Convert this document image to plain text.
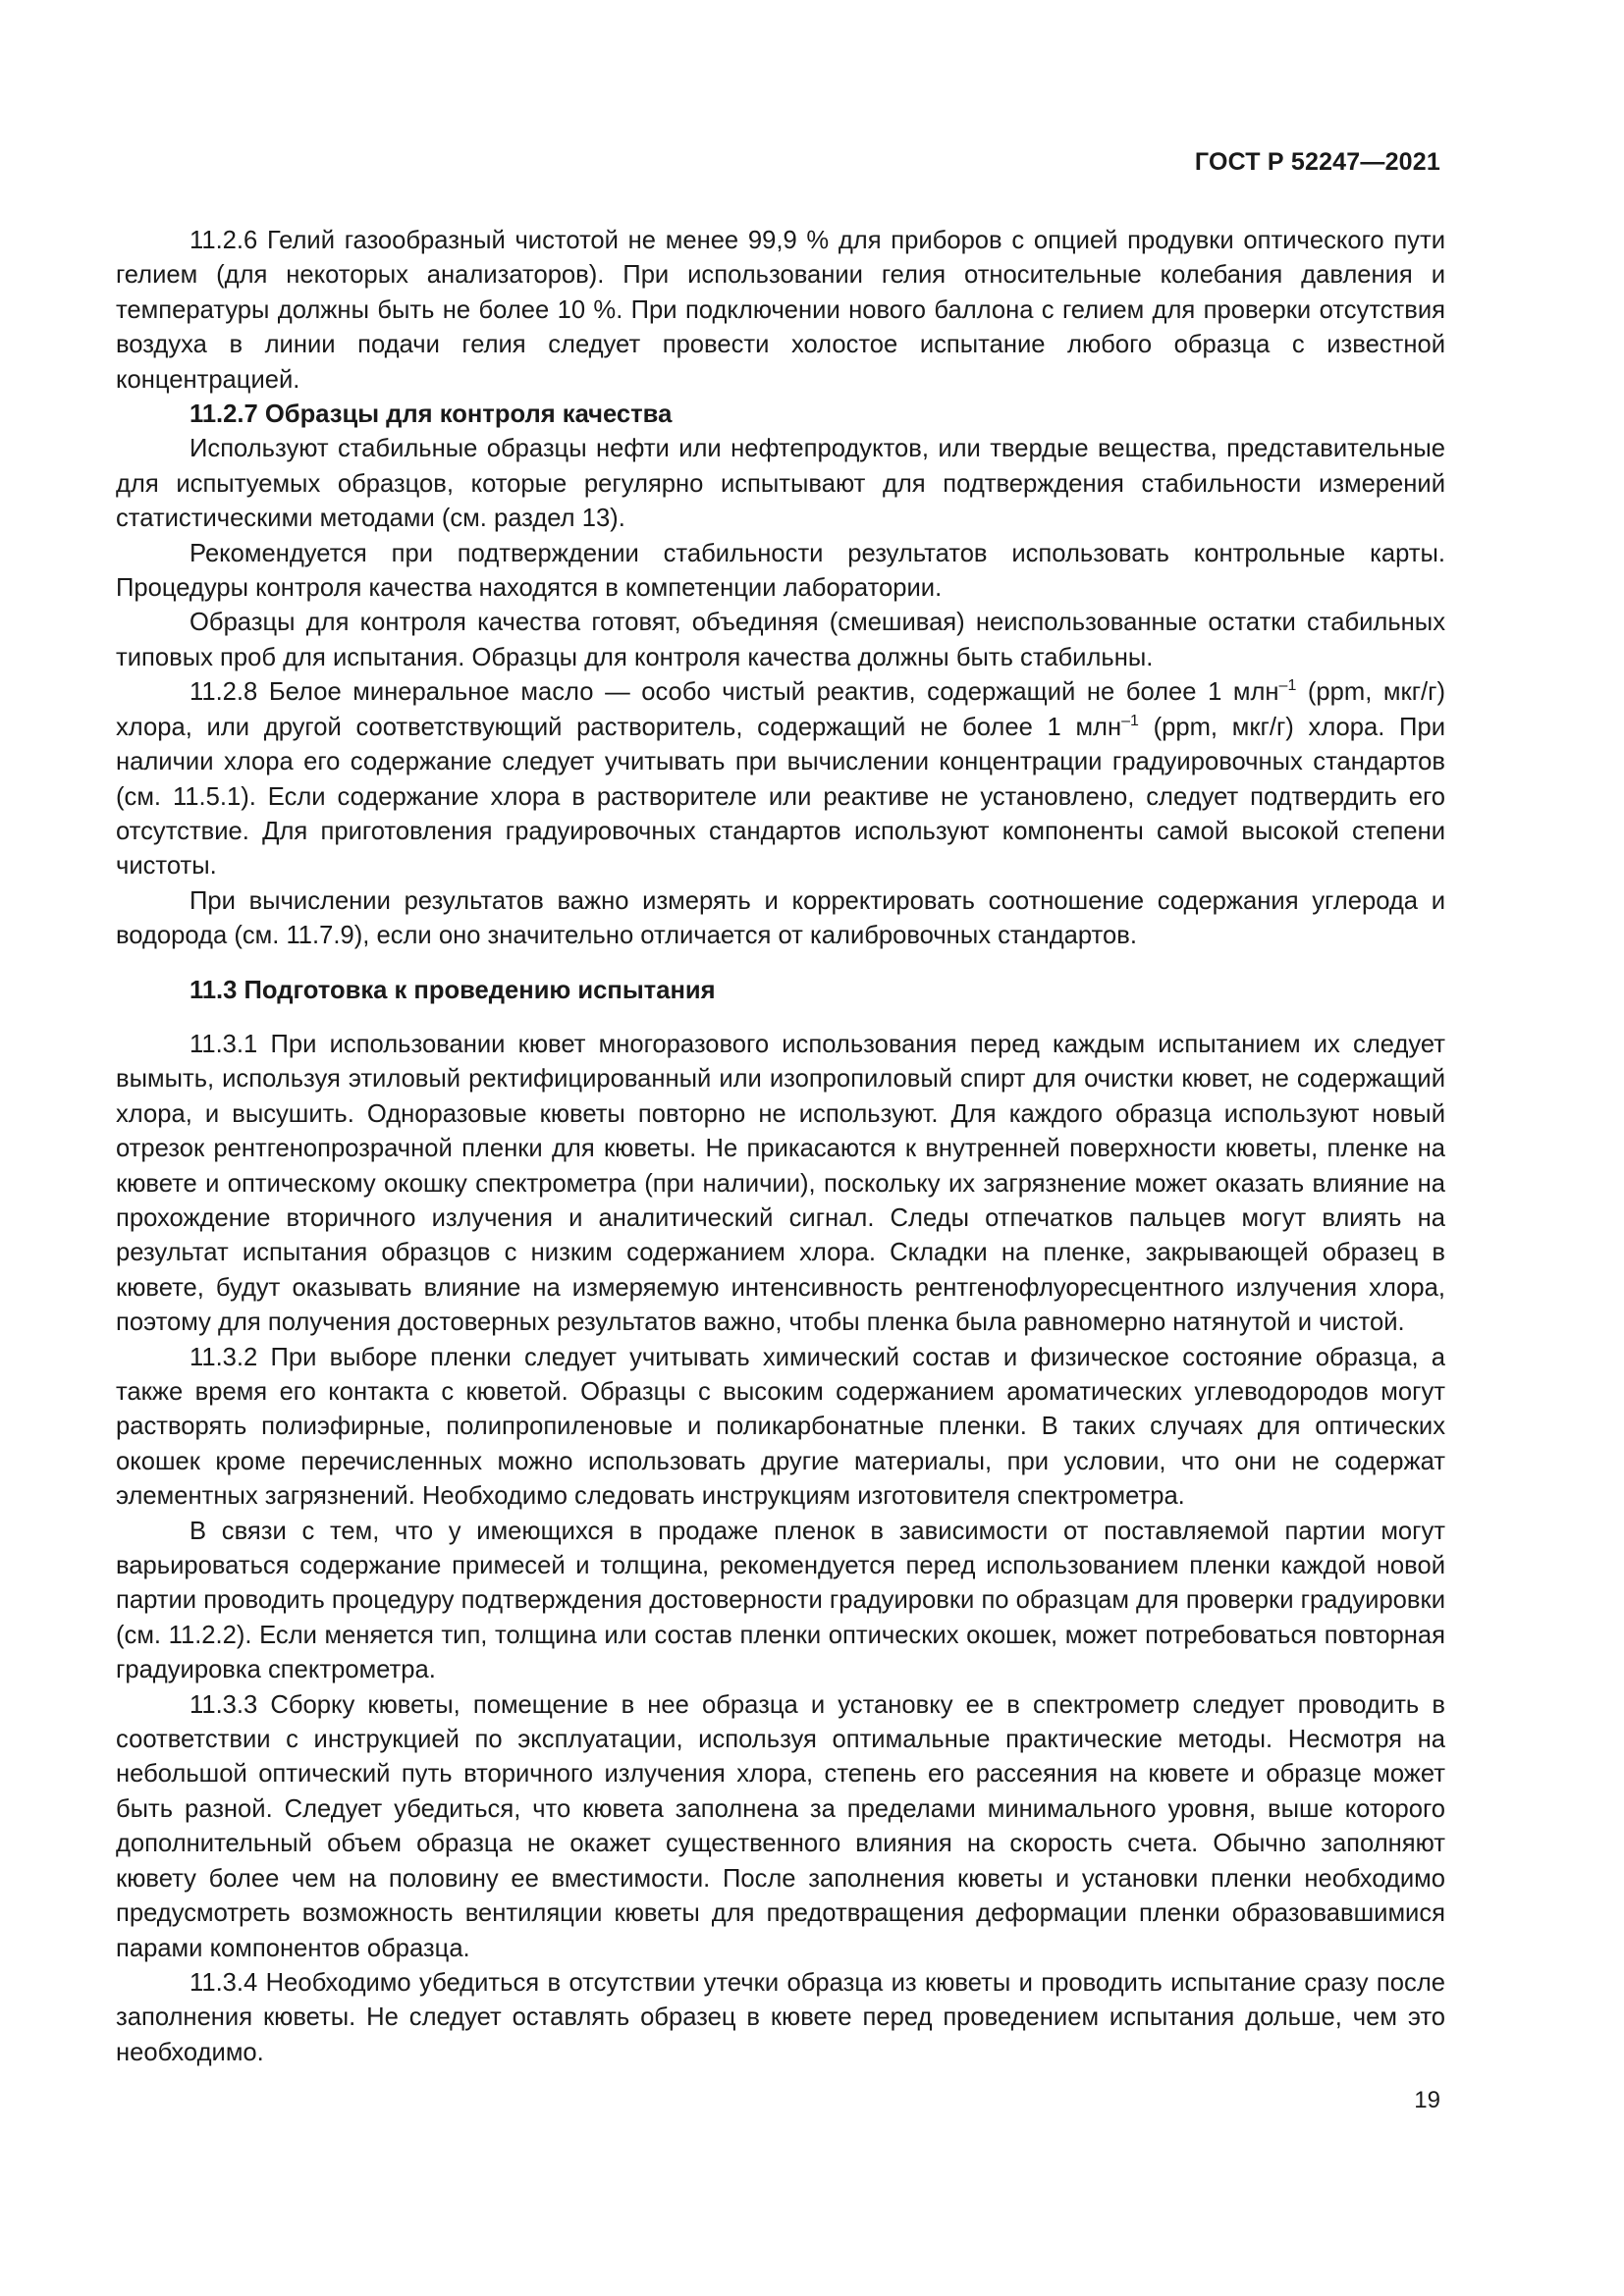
ГОСТ Р 52247—2021

11.2.6 Гелий газообразный чистотой не менее 99,9 % для приборов с опцией продувки оптического пути гелием (для некоторых анализаторов). При использовании гелия относительные колебания давления и температуры должны быть не более 10 %. При подключении нового баллона с гелием для проверки отсутствия воздуха в линии подачи гелия следует провести холостое испытание любого образца с известной концентрацией.

11.2.7 Образцы для контроля качества

Используют стабильные образцы нефти или нефтепродуктов, или твердые вещества, представительные для испытуемых образцов, которые регулярно испытывают для подтверждения стабильности измерений статистическими методами (см. раздел 13).

Рекомендуется при подтверждении стабильности результатов использовать контрольные карты. Процедуры контроля качества находятся в компетенции лаборатории.

Образцы для контроля качества готовят, объединяя (смешивая) неиспользованные остатки стабильных типовых проб для испытания. Образцы для контроля качества должны быть стабильны.

11.2.8 Белое минеральное масло — особо чистый реактив, содержащий не более 1 млн$^{-1}$ (ppm, мкг/г) хлора, или другой соответствующий растворитель, содержащий не более 1 млн$^{-1}$ (ppm, мкг/г) хлора. При наличии хлора его содержание следует учитывать при вычислении концентрации градуировочных стандартов (см. 11.5.1). Если содержание хлора в растворителе или реактиве не установлено, следует подтвердить его отсутствие. Для приготовления градуировочных стандартов используют компоненты самой высокой степени чистоты.

При вычислении результатов важно измерять и корректировать соотношение содержания углерода и водорода (см. 11.7.9), если оно значительно отличается от калибровочных стандартов.

11.3 Подготовка к проведению испытания

11.3.1 При использовании кювет многоразового использования перед каждым испытанием их следует вымыть, используя этиловый ректифицированный или изопропиловый спирт для очистки кювет, не содержащий хлора, и высушить. Одноразовые кюветы повторно не используют. Для каждого образца используют новый отрезок рентгенопрозрачной пленки для кюветы. Не прикасаются к внутренней поверхности кюветы, пленке на кювете и оптическому окошку спектрометра (при наличии), поскольку их загрязнение может оказать влияние на прохождение вторичного излучения и аналитический сигнал. Следы отпечатков пальцев могут влиять на результат испытания образцов с низким содержанием хлора. Складки на пленке, закрывающей образец в кювете, будут оказывать влияние на измеряемую интенсивность рентгенофлуоресцентного излучения хлора, поэтому для получения достоверных результатов важно, чтобы пленка была равномерно натянутой и чистой.

11.3.2 При выборе пленки следует учитывать химический состав и физическое состояние образца, а также время его контакта с кюветой. Образцы с высоким содержанием ароматических углеводородов могут растворять полиэфирные, полипропиленовые и поликарбонатные пленки. В таких случаях для оптических окошек кроме перечисленных можно использовать другие материалы, при условии, что они не содержат элементных загрязнений. Необходимо следовать инструкциям изготовителя спектрометра.

В связи с тем, что у имеющихся в продаже пленок в зависимости от поставляемой партии могут варьироваться содержание примесей и толщина, рекомендуется перед использованием пленки каждой новой партии проводить процедуру подтверждения достоверности градуировки по образцам для проверки градуировки (см. 11.2.2). Если меняется тип, толщина или состав пленки оптических окошек, может потребоваться повторная градуировка спектрометра.

11.3.3 Сборку кюветы, помещение в нее образца и установку ее в спектрометр следует проводить в соответствии с инструкцией по эксплуатации, используя оптимальные практические методы. Несмотря на небольшой оптический путь вторичного излучения хлора, степень его рассеяния на кювете и образце может быть разной. Следует убедиться, что кювета заполнена за пределами минимального уровня, выше которого дополнительный объем образца не окажет существенного влияния на скорость счета. Обычно заполняют кювету более чем на половину ее вместимости. После заполнения кюветы и установки пленки необходимо предусмотреть возможность вентиляции кюветы для предотвращения деформации пленки образовавшимися парами компонентов образца.

11.3.4 Необходимо убедиться в отсутствии утечки образца из кюветы и проводить испытание сразу после заполнения кюветы. Не следует оставлять образец в кювете перед проведением испытания дольше, чем это необходимо.

19
